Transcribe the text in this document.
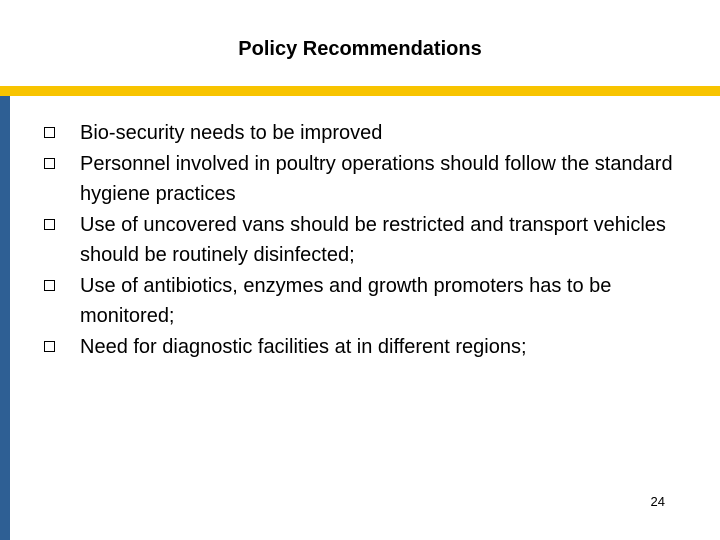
Policy Recommendations
Bio-security needs to be improved
Personnel involved in poultry operations should follow the standard hygiene practices
Use of uncovered vans should be restricted and transport vehicles should be routinely disinfected;
Use of antibiotics, enzymes and growth promoters has to be monitored;
Need for diagnostic facilities at in different regions;
24
